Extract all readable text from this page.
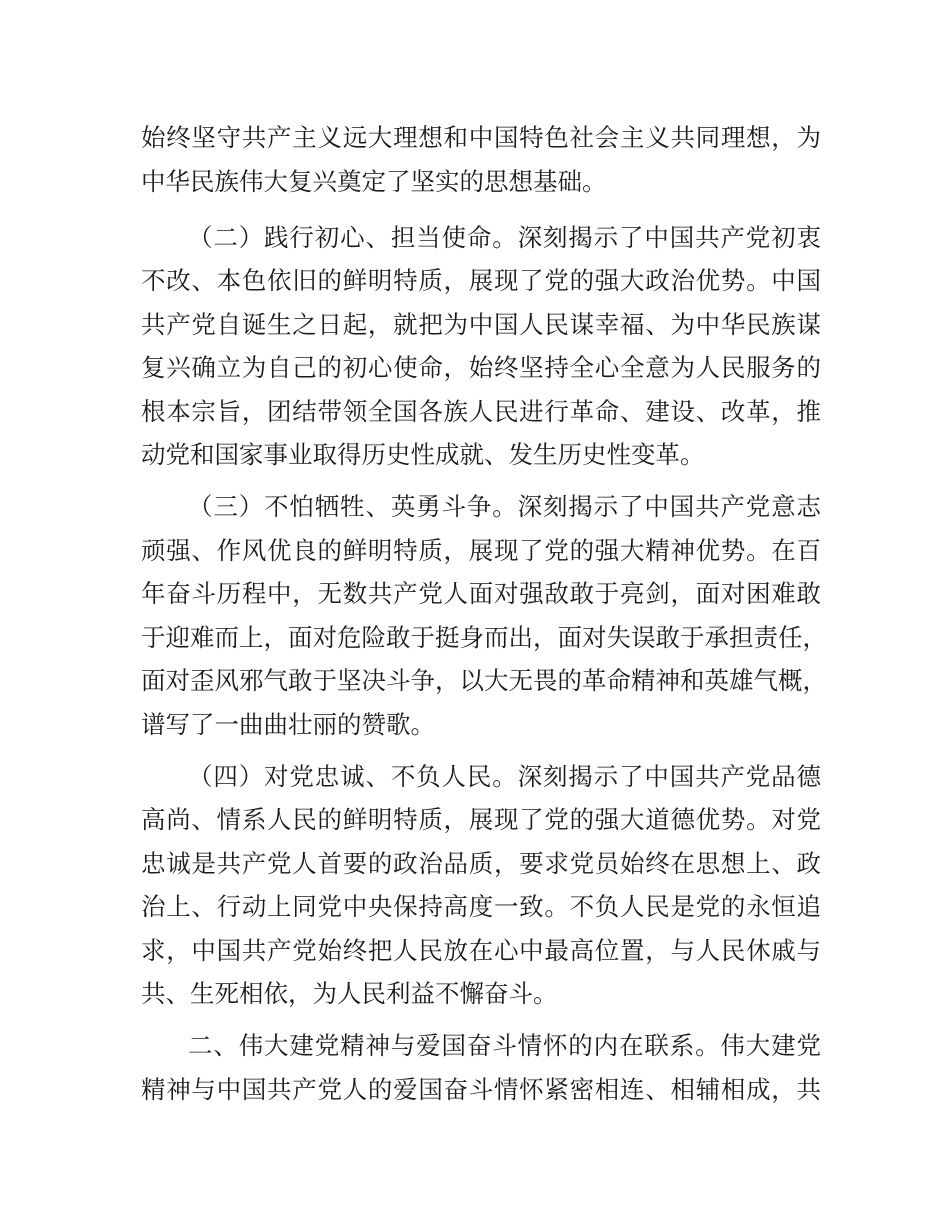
始终坚守共产主义远大理想和中国特色社会主义共同理想，为
中华民族伟大复兴奠定了坚实的思想基础。
（二）践行初心、担当使命。深刻揭示了中国共产党初衷
不改、本色依旧的鲜明特质，展现了党的强大政治优势。中国
共产党自诞生之日起，就把为中国人民谋幸福、为中华民族谋
复兴确立为自己的初心使命，始终坚持全心全意为人民服务的
根本宗旨，团结带领全国各族人民进行革命、建设、改革，推
动党和国家事业取得历史性成就、发生历史性变革。
（三）不怕牺牲、英勇斗争。深刻揭示了中国共产党意志
顽强、作风优良的鲜明特质，展现了党的强大精神优势。在百
年奋斗历程中，无数共产党人面对强敌敢于亮剑，面对困难敢
于迎难而上，面对危险敢于挺身而出，面对失误敢于承担责任，
面对歪风邪气敢于坚决斗争，以大无畏的革命精神和英雄气概，
谱写了一曲曲壮丽的赞歌。
（四）对党忠诚、不负人民。深刻揭示了中国共产党品德
高尚、情系人民的鲜明特质，展现了党的强大道德优势。对党
忠诚是共产党人首要的政治品质，要求党员始终在思想上、政
治上、行动上同党中央保持高度一致。不负人民是党的永恒追
求，中国共产党始终把人民放在心中最高位置，与人民休戚与
共、生死相依，为人民利益不懈奋斗。
二、伟大建党精神与爱国奋斗情怀的内在联系。伟大建党
精神与中国共产党人的爱国奋斗情怀紧密相连、相辅相成，共
